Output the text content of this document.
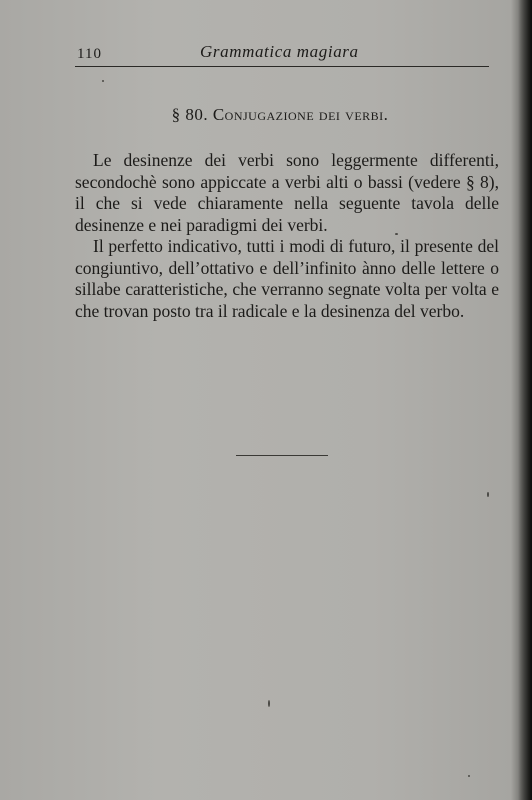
110	Grammatica magiara
§ 80. Conjugazione dei verbi.

Le desinenze dei verbi sono leggermente differenti, secondochè sono appiccate a verbi alti o bassi (vedere § 8), il che si vede chiaramente nella seguente tavola delle desinenze e nei paradigmi dei verbi.

Il perfetto indicativo, tutti i modi di futuro, il presente del congiuntivo, dell’ottativo e dell’infinito ànno delle lettere o sillabe caratteristiche, che verranno segnate volta per volta e che trovan posto tra il radicale e la desinenza del verbo.
